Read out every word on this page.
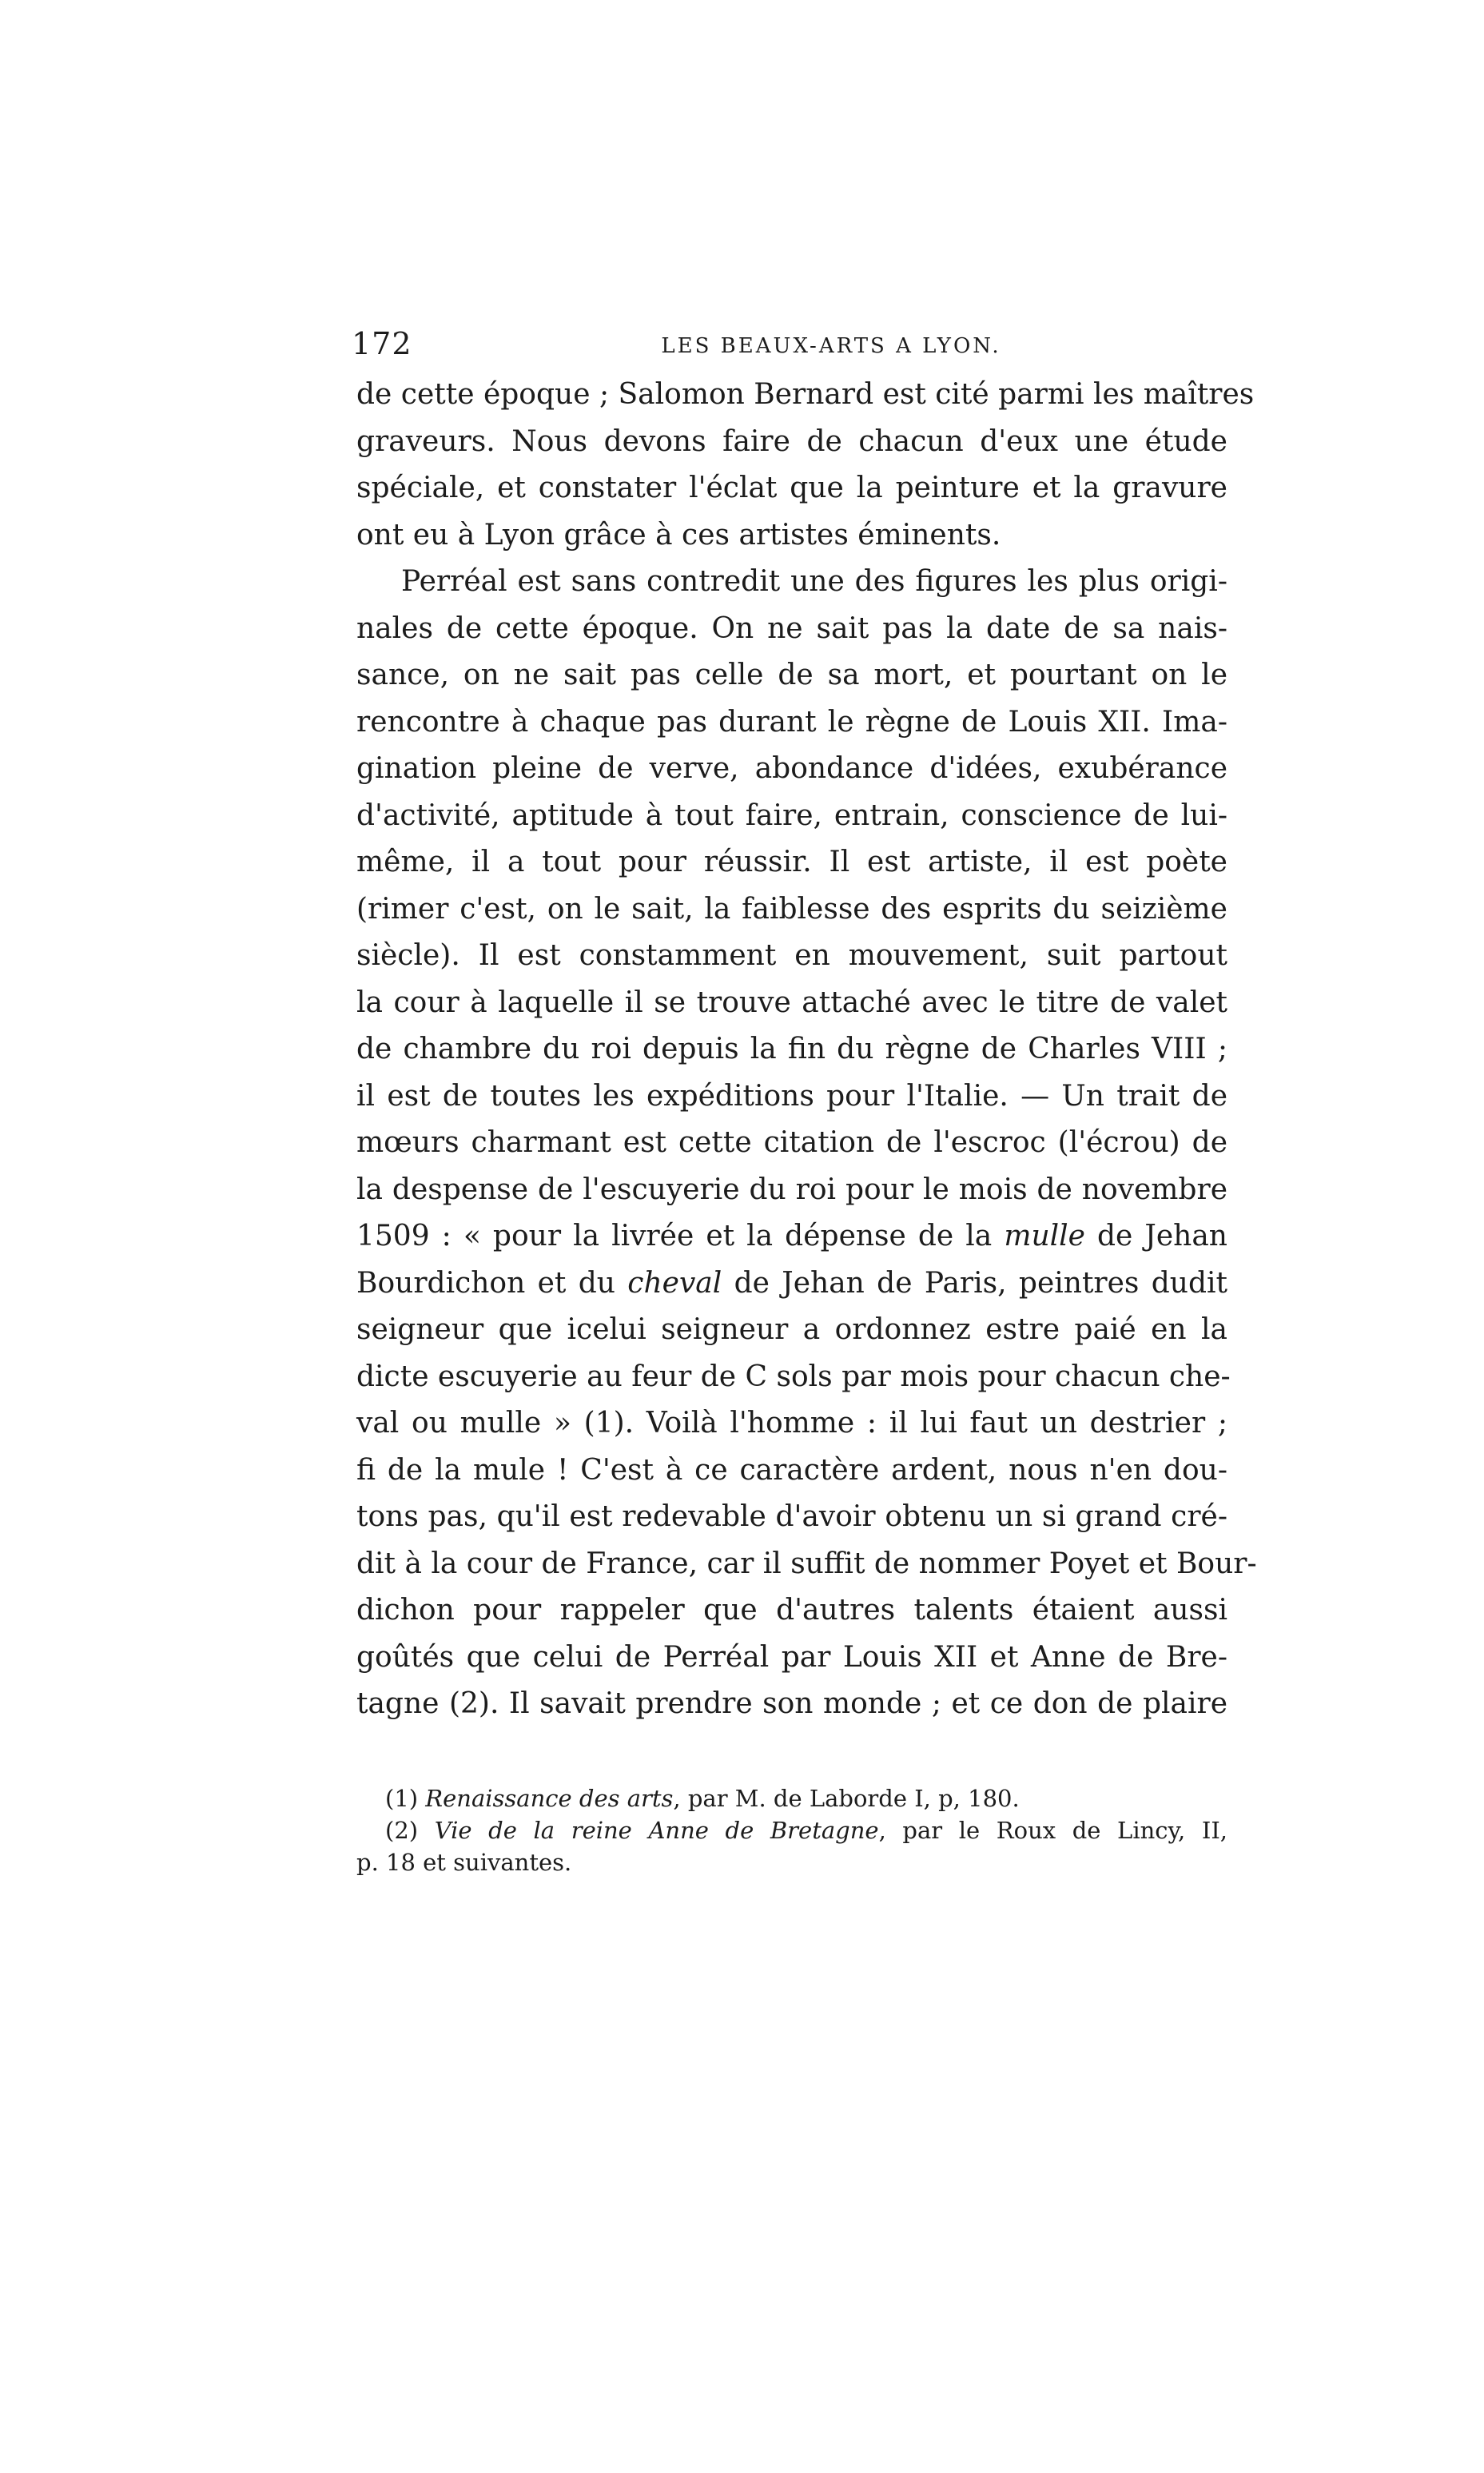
172	LES BEAUX-ARTS A LYON.
de cette époque ; Salomon Bernard est cité parmi les maîtres
graveurs. Nous devons faire de chacun d'eux une étude
spéciale, et constater l'éclat que la peinture et la gravure
ont eu à Lyon grâce à ces artistes éminents.
Perréal est sans contredit une des figures les plus origi-
nales de cette époque. On ne sait pas la date de sa nais-
sance, on ne sait pas celle de sa mort, et pourtant on le
rencontre à chaque pas durant le règne de Louis XII. Ima-
gination pleine de verve, abondance d'idées, exubérance
d'activité, aptitude à tout faire, entrain, conscience de lui-
même, il a tout pour réussir. Il est artiste, il est poète
(rimer c'est, on le sait, la faiblesse des esprits du seizième
siècle). Il est constamment en mouvement, suit partout
la cour à laquelle il se trouve attaché avec le titre de valet
de chambre du roi depuis la fin du règne de Charles VIII ;
il est de toutes les expéditions pour l'Italie. — Un trait de
mœurs charmant est cette citation de l'escroc (l'écrou) de
la despense de l'escuyerie du roi pour le mois de novembre
1509 : « pour la livrée et la dépense de la mulle de Jehan
Bourdichon et du cheval de Jehan de Paris, peintres dudit
seigneur que icelui seigneur a ordonnez estre paié en la
dicte escuyerie au feur de C sols par mois pour chacun che-
val ou mulle » (1). Voilà l'homme : il lui faut un destrier ;
fi de la mule ! C'est à ce caractère ardent, nous n'en dou-
tons pas, qu'il est redevable d'avoir obtenu un si grand cré-
dit à la cour de France, car il suffit de nommer Poyet et Bour-
dichon pour rappeler que d'autres talents étaient aussi
goûtés que celui de Perréal par Louis XII et Anne de Bre-
tagne (2). Il savait prendre son monde ; et ce don de plaire
(1) Renaissance des arts, par M. de Laborde I, p, 180.
(2) Vie de la reine Anne de Bretagne, par le Roux de Lincy, II,
p. 18 et suivantes.
